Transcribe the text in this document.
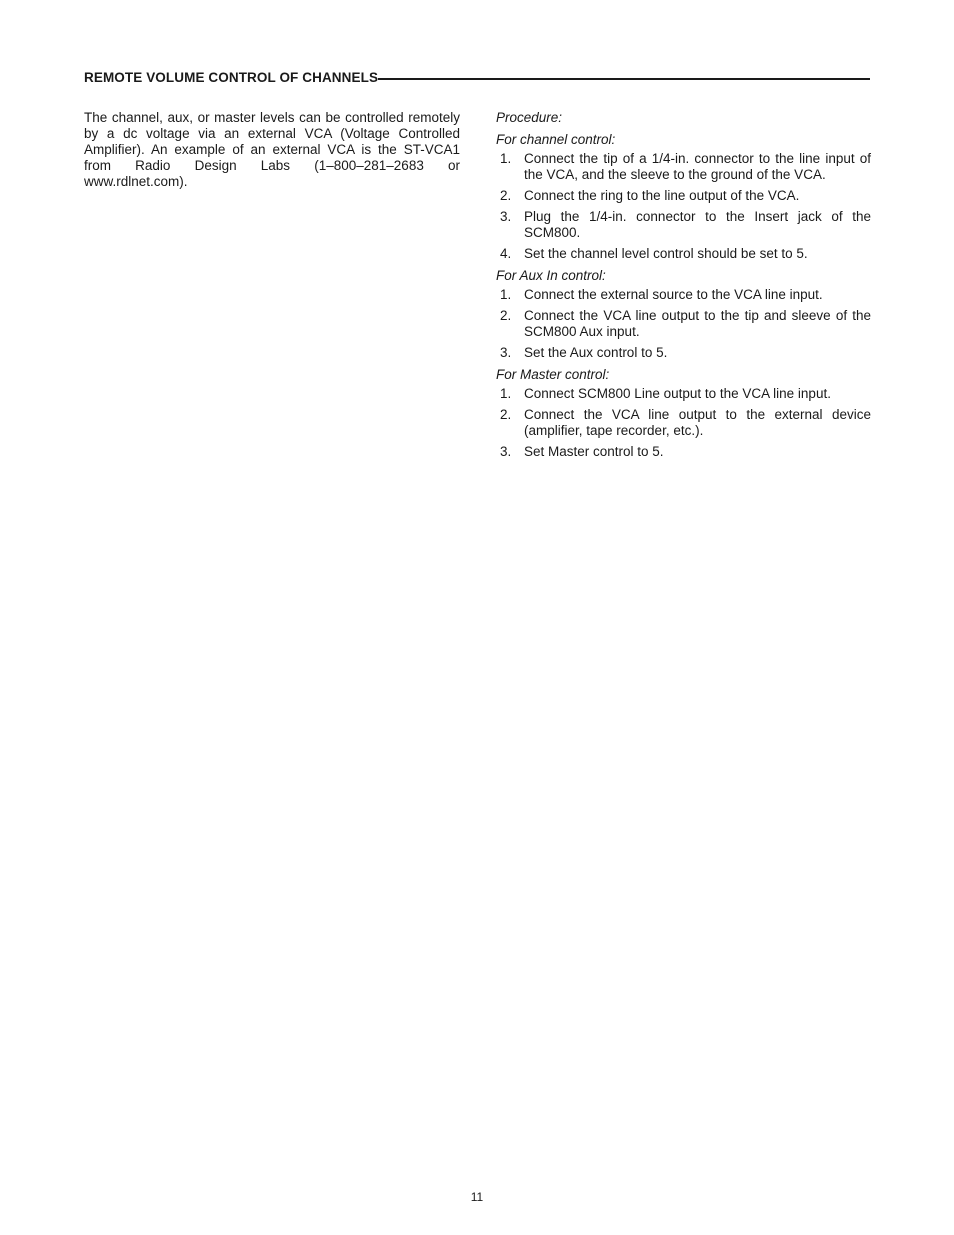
REMOTE VOLUME CONTROL OF CHANNELS

The channel, aux, or master levels can be controlled remotely by a dc voltage via an external VCA (Voltage Controlled Amplifier). An example of an external VCA is the ST-VCA1 from Radio Design Labs (1–800–281–2683 or www.rdlnet.com).

Procedure:

For channel control:

1. Connect the tip of a 1/4-in. connector to the line input of the VCA, and the sleeve to the ground of the VCA.
2. Connect the ring to the line output of the VCA.
3. Plug the 1/4-in. connector to the Insert jack of the SCM800.
4. Set the channel level control should be set to 5.

For Aux In control:

1. Connect the external source to the VCA line input.
2. Connect the VCA line output to the tip and sleeve of the SCM800 Aux input.
3. Set the Aux control to 5.

For Master control:

1. Connect SCM800 Line output to the VCA line input.
2. Connect the VCA line output to the external device (amplifier, tape recorder, etc.).
3. Set Master control to 5.
11
